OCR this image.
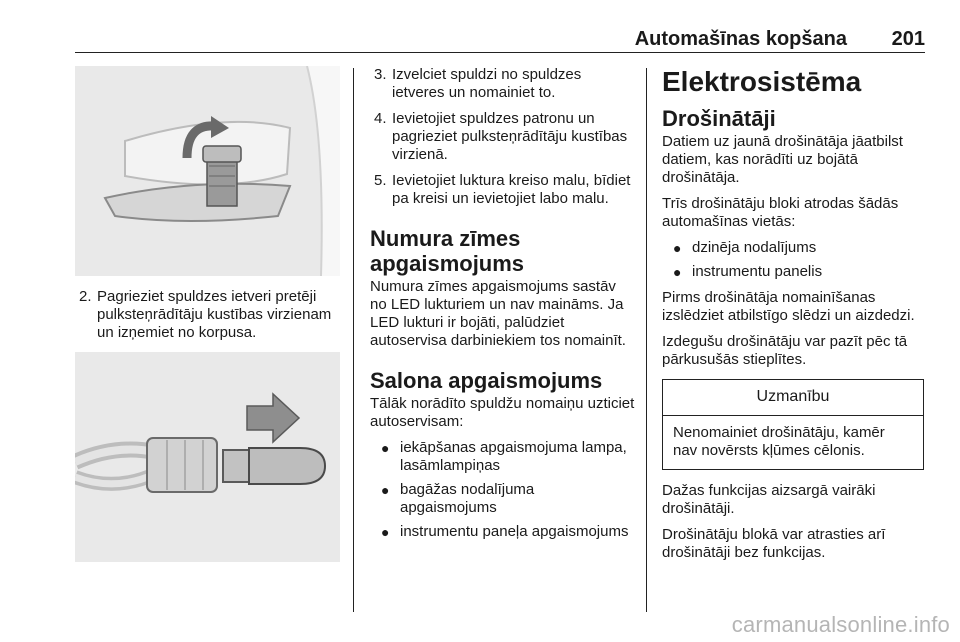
Automašīnas kopšana 201
2. Pagrieziet spuldzes ietveri pretēji pulksteņrādītāju kustības virzienam un izņemiet no korpusa.
3. Izvelciet spuldzi no spuldzes ietveres un nomainiet to.
4. Ievietojiet spuldzes patronu un pagrieziet pulksteņrādītāju kustības virzienā.
5. Ievietojiet luktura kreiso malu, bīdiet pa kreisi un ievietojiet labo malu.
Numura zīmes apgaismojums

Numura zīmes apgaismojums sastāv no LED lukturiem un nav maināms. Ja LED lukturi ir bojāti, palūdziet autoservisa darbiniekiem tos nomainīt.

Salona apgaismojums

Tālāk norādīto spuldžu nomaiņu uzticiet autoservisam:

● iekāpšanas apgaismojuma lampa, lasāmlampiņas
● bagāžas nodalījuma apgaismojums
● instrumentu paneļa apgaismojums
Elektrosistēma
Drošinātāji

Datiem uz jaunā drošinātāja jāatbilst datiem, kas norādīti uz bojātā drošinātāja.

Trīs drošinātāju bloki atrodas šādās automašīnas vietās:

● dzinēja nodalījums
● instrumentu panelis

Pirms drošinātāja nomainīšanas izslēdziet atbilstīgo slēdzi un aizdedzi.

Izdegušu drošinātāju var pazīt pēc tā pārkusušās stieplītes.

Uzmanību
Nenomainiet drošinātāju, kamēr nav novērsts kļūmes cēlonis.

Dažas funkcijas aizsargā vairāki drošinātāji.

Drošinātāju blokā var atrasties arī drošinātāji bez funkcijas.

carmanualsonline.info
